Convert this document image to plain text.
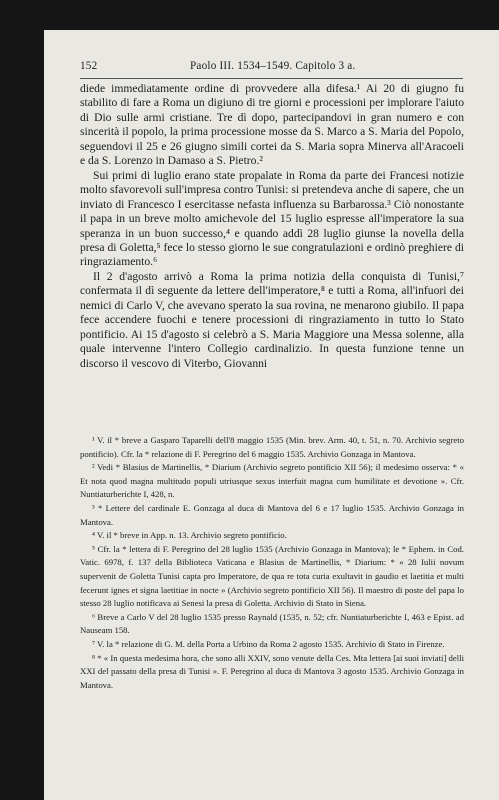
152	Paolo III. 1534–1549. Capitolo 3 a.

diede immediatamente ordine di provvedere alla difesa.¹ Ai 20 di giugno fu stabilito di fare a Roma un digiuno di tre giorni e processioni per implorare l'aiuto di Dio sulle armi cristiane. Tre dì dopo, partecipandovi in gran numero e con sincerità il popolo, la prima processione mosse da S. Marco a S. Maria del Popolo, seguendovi il 25 e 26 giugno simili cortei da S. Maria sopra Minerva all'Aracoeli e da S. Lorenzo in Damaso a S. Pietro.²

Sui primi di luglio erano state propalate in Roma da parte dei Francesi notizie molto sfavorevoli sull'impresa contro Tunisi: si pretendeva anche di sapere, che un inviato di Francesco I esercitasse nefasta influenza su Barbarossa.³ Ciò nonostante il papa in un breve molto amichevole del 15 luglio espresse all'imperatore la sua speranza in un buon successo,⁴ e quando addì 28 luglio giunse la novella della presa di Goletta,⁵ fece lo stesso giorno le sue congratulazioni e ordinò preghiere di ringraziamento.⁶

Il 2 d'agosto arrivò a Roma la prima notizia della conquista di Tunisi,⁷ confermata il dì seguente da lettere dell'imperatore,⁸ e tutti a Roma, all'infuori dei nemici di Carlo V, che avevano sperato la sua rovina, ne menarono giubilo. Il papa fece accendere fuochi e tenere processioni di ringraziamento in tutto lo Stato pontificio. Ai 15 d'agosto si celebrò a S. Maria Maggiore una Messa solenne, alla quale intervenne l'intero Collegio cardinalizio. In questa funzione tenne un discorso il vescovo di Viterbo, Giovanni

¹ V. il * breve a Gasparo Taparelli dell'8 maggio 1535 (Min. brev. Arm. 40, t. 51, n. 70. Archivio segreto pontificio). Cfr. la * relazione di F. Peregrino del 6 maggio 1535. Archivio Gonzaga in Mantova.

² Vedi * Blasius de Martinellis, * Diarium (Archivio segreto pontificio XII 56); il medesimo osserva: * « Et nota quod magna multitudo populi utriusque sexus interfuit magna cum humilitate et devotione ». Cfr. Nuntiaturberichte I, 428, n.

³ * Lettere del cardinale E. Gonzaga al duca di Mantova del 6 e 17 luglio 1535. Archivio Gonzaga in Mantova.

⁴ V. il * breve in App. n. 13. Archivio segreto pontificio.

⁵ Cfr. la * lettera di F. Peregrino del 28 luglio 1535 (Archivio Gonzaga in Mantova); le * Ephem. in Cod. Vatic. 6978, f. 137 della Biblioteca Vaticana e Blasius de Martinellis, * Diarium: * « 28 Iulii novum supervenit de Goletta Tunisi capta pro Imperatore, de qua re tota curia exultavit in gaudio et laetitia et multi fecerunt ignes et signa laetitiae in nocte » (Archivio segreto pontificio XII 56). Il maestro di poste del papa lo stesso 28 luglio notificava ai Senesi la presa di Goletta. Archivio di Stato in Siena.

⁶ Breve a Carlo V del 28 luglio 1535 presso Raynald (1535, n. 52; cfr. Nuntiaturberichte I, 463 e Epist. ad Nauseam 158.

⁷ V. la * relazione di G. M. della Porta a Urbino da Roma 2 agosto 1535. Archivio di Stato in Firenze.

⁸ * « In questa medesima hora, che sono alli XXIV, sono venute della Ces. Mta lettera [ai suoi inviati] delli XXI del passato della presa di Tunisi ». F. Peregrino al duca di Mantova 3 agosto 1535. Archivio Gonzaga in Mantova.
